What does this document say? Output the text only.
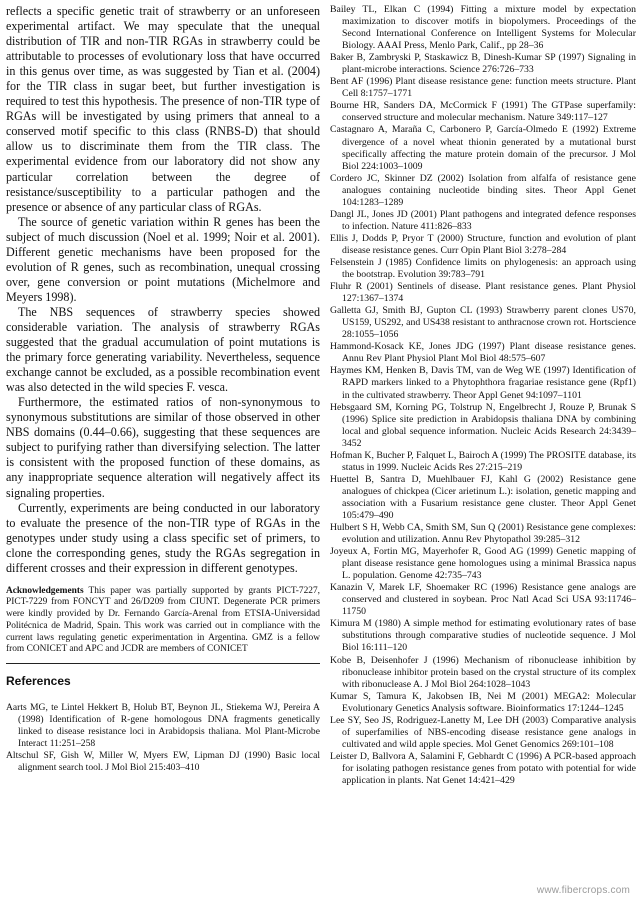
reflects a specific genetic trait of strawberry or an unforeseen experimental artifact. We may speculate that the unequal distribution of TIR and non-TIR RGAs in strawberry could be attributable to processes of evolutionary loss that have occurred in this genus over time, as was suggested by Tian et al. (2004) for the TIR class in sugar beet, but further investigation is required to test this hypothesis. The presence of non-TIR type of RGAs will be investigated by using primers that anneal to a conserved motif specific to this class (RNBS-D) that should allow us to discriminate them from the TIR class. The experimental evidence from our laboratory did not show any particular correlation between the degree of resistance/susceptibility to a particular pathogen and the presence or absence of any particular class of RGAs.

The source of genetic variation within R genes has been the subject of much discussion (Noel et al. 1999; Noir et al. 2001). Different genetic mechanisms have been proposed for the evolution of R genes, such as recombination, unequal crossing over, gene conversion or point mutations (Michelmore and Meyers 1998).

The NBS sequences of strawberry species showed considerable variation. The analysis of strawberry RGAs suggested that the gradual accumulation of point mutations is the primary force generating variability. Nevertheless, sequence exchange cannot be excluded, as a possible recombination event was also detected in the wild species F. vesca.

Furthermore, the estimated ratios of non-synonymous to synonymous substitutions are similar of those observed in other NBS domains (0.44–0.66), suggesting that these sequences are subject to purifying rather than diversifying selection. The latter is consistent with the proposed function of these domains, as any inappropriate sequence alteration will negatively affect its signaling properties.

Currently, experiments are being conducted in our laboratory to evaluate the presence of the non-TIR type of RGAs in the genotypes under study using a class specific set of primers, to clone the corresponding genes, study the RGAs segregation in different crosses and their expression in different genotypes.

Acknowledgements This paper was partially supported by grants PICT-7227, PICT-7229 from FONCYT and 26/D209 from CIUNT. Degenerate PCR primers were kindly provided by Dr. Fernando García-Arenal from ETSIA-Universidad Politécnica de Madrid, Spain. This work was carried out in compliance with the current laws regulating genetic experimentation in Argentina. GMZ is a fellow from CONICET and APC and JCDR are members of CONICET

References

Aarts MG, te Lintel Hekkert B, Holub BT, Beynon JL, Stiekema WJ, Pereira A (1998) Identification of R-gene homologous DNA fragments genetically linked to disease resistance loci in Arabidopsis thaliana. Mol Plant-Microbe Interact 11:251–258

Altschul SF, Gish W, Miller W, Myers EW, Lipman DJ (1990) Basic local alignment search tool. J Mol Biol 215:403–410

Bailey TL, Elkan C (1994) Fitting a mixture model by expectation maximization to discover motifs in biopolymers. Proceedings of the Second International Conference on Intelligent Systems for Molecular Biology. AAAI Press, Menlo Park, Calif., pp 28–36

Baker B, Zambryski P, Staskawicz B, Dinesh-Kumar SP (1997) Signaling in plant-microbe interactions. Science 276:726–733

Bent AF (1996) Plant disease resistance gene: function meets structure. Plant Cell 8:1757–1771

Bourne HR, Sanders DA, McCormick F (1991) The GTPase superfamily: conserved structure and molecular mechanism. Nature 349:117–127

Castagnaro A, Maraña C, Carbonero P, García-Olmedo E (1992) Extreme divergence of a novel wheat thionin generated by a mutational burst specifically affecting the mature protein domain of the precursor. J Mol Biol 224:1003–1009

Cordero JC, Skinner DZ (2002) Isolation from alfalfa of resistance gene analogues containing nucleotide binding sites. Theor Appl Genet 104:1283–1289

Dangl JL, Jones JD (2001) Plant pathogens and integrated defence responses to infection. Nature 411:826–833

Ellis J, Dodds P, Pryor T (2000) Structure, function and evolution of plant disease resistance genes. Curr Opin Plant Biol 3:278–284

Felsenstein J (1985) Confidence limits on phylogenesis: an approach using the bootstrap. Evolution 39:783–791

Fluhr R (2001) Sentinels of disease. Plant resistance genes. Plant Physiol 127:1367–1374

Galletta GJ, Smith BJ, Gupton CL (1993) Strawberry parent clones US70, US159, US292, and US438 resistant to anthracnose crown rot. Hortscience 28:1055–1056

Hammond-Kosack KE, Jones JDG (1997) Plant disease resistance genes. Annu Rev Plant Physiol Plant Mol Biol 48:575–607

Haymes KM, Henken B, Davis TM, van de Weg WE (1997) Identification of RAPD markers linked to a Phytophthora fragariae resistance gene (Rpf1) in the cultivated strawberry. Theor Appl Genet 94:1097–1101

Hebsgaard SM, Korning PG, Tolstrup N, Engelbrecht J, Rouze P, Brunak S (1996) Splice site prediction in Arabidopsis thaliana DNA by combining local and global sequence information. Nucleic Acids Research 24:3439–3452

Hofman K, Bucher P, Falquet L, Bairoch A (1999) The PROSITE database, its status in 1999. Nucleic Acids Res 27:215–219

Huettel B, Santra D, Muehlbauer FJ, Kahl G (2002) Resistance gene analogues of chickpea (Cicer arietinum L.): isolation, genetic mapping and association with a Fusarium resistance gene cluster. Theor Appl Genet 105:479–490

Hulbert S H, Webb CA, Smith SM, Sun Q (2001) Resistance gene complexes: evolution and utilization. Annu Rev Phytopathol 39:285–312

Joyeux A, Fortin MG, Mayerhofer R, Good AG (1999) Genetic mapping of plant disease resistance gene homologues using a minimal Brassica napus L. population. Genome 42:735–743

Kanazin V, Marek LF, Shoemaker RC (1996) Resistance gene analogs are conserved and clustered in soybean. Proc Natl Acad Sci USA 93:11746–11750

Kimura M (1980) A simple method for estimating evolutionary rates of base substitutions through comparative studies of nucleotide sequence. J Mol Biol 16:111–120

Kobe B, Deisenhofer J (1996) Mechanism of ribonuclease inhibition by ribonuclease inhibitor protein based on the crystal structure of its complex with ribonuclease A. J Mol Biol 264:1028–1043

Kumar S, Tamura K, Jakobsen IB, Nei M (2001) MEGA2: Molecular Evolutionary Genetics Analysis software. Bioinformatics 17:1244–1245

Lee SY, Seo JS, Rodriguez-Lanetty M, Lee DH (2003) Comparative analysis of superfamilies of NBS-encoding disease resistance gene analogs in cultivated and wild apple species. Mol Genet Genomics 269:101–108

Leister D, Ballvora A, Salamini F, Gebhardt C (1996) A PCR-based approach for isolating pathogen resistance genes from potato with potential for wide application in plants. Nat Genet 14:421–429

www.fibercrops.com
